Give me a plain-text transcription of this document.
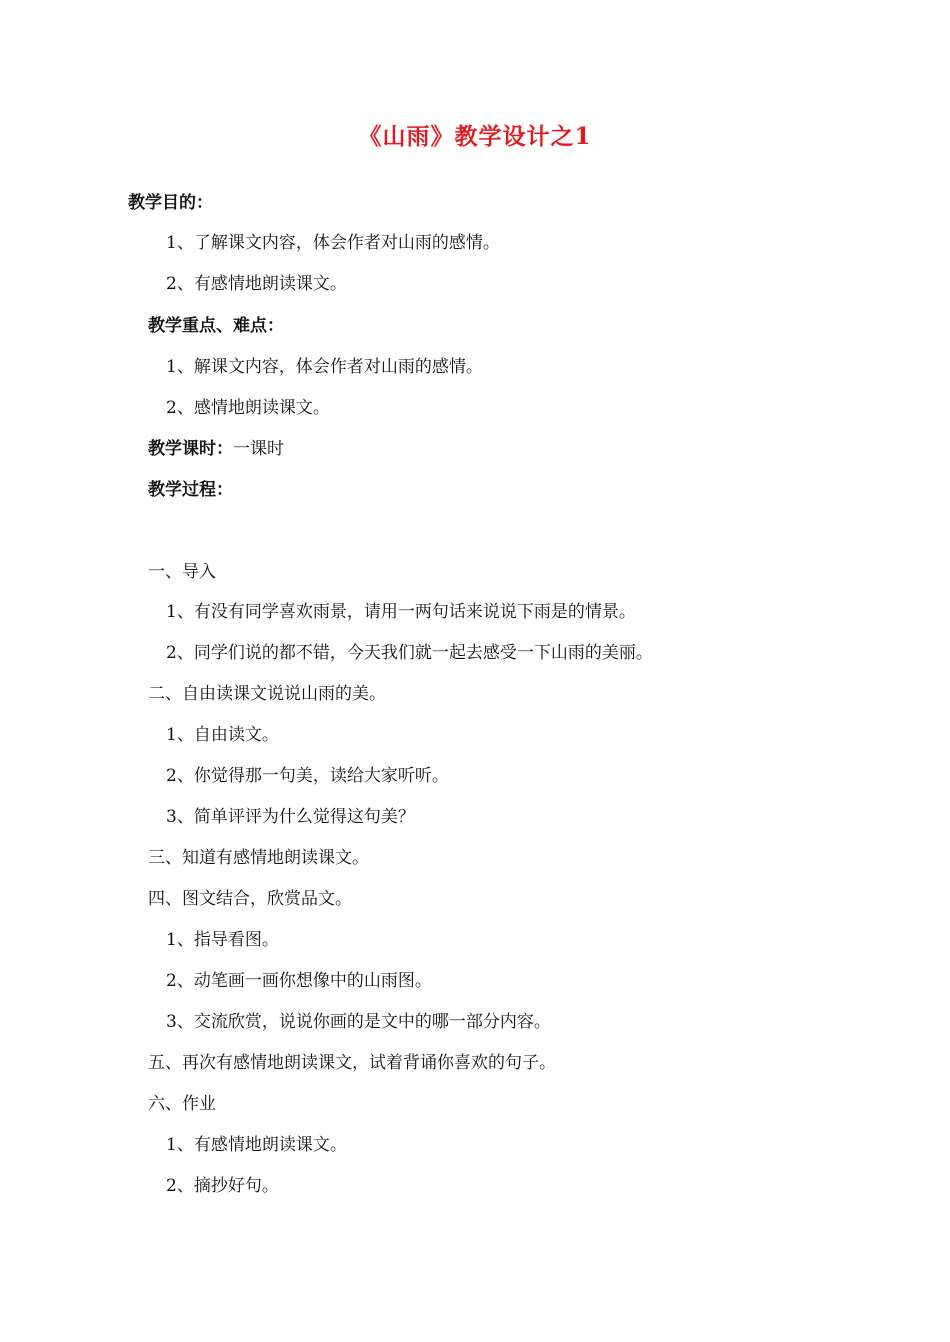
《山雨》教学设计之1
教学目的：
1、了解课文内容，体会作者对山雨的感情。
2、有感情地朗读课文。
教学重点、难点：
1、解课文内容，体会作者对山雨的感情。
2、感情地朗读课文。
教学课时：一课时
教学过程：
一、导入
1、有没有同学喜欢雨景，请用一两句话来说说下雨是的情景。
2、同学们说的都不错，今天我们就一起去感受一下山雨的美丽。
二、自由读课文说说山雨的美。
1、自由读文。
2、你觉得那一句美，读给大家听听。
3、简单评评为什么觉得这句美？
三、知道有感情地朗读课文。
四、图文结合，欣赏品文。
1、指导看图。
2、动笔画一画你想像中的山雨图。
3、交流欣赏，说说你画的是文中的哪一部分内容。
五、再次有感情地朗读课文，试着背诵你喜欢的句子。
六、作业
1、有感情地朗读课文。
2、摘抄好句。
